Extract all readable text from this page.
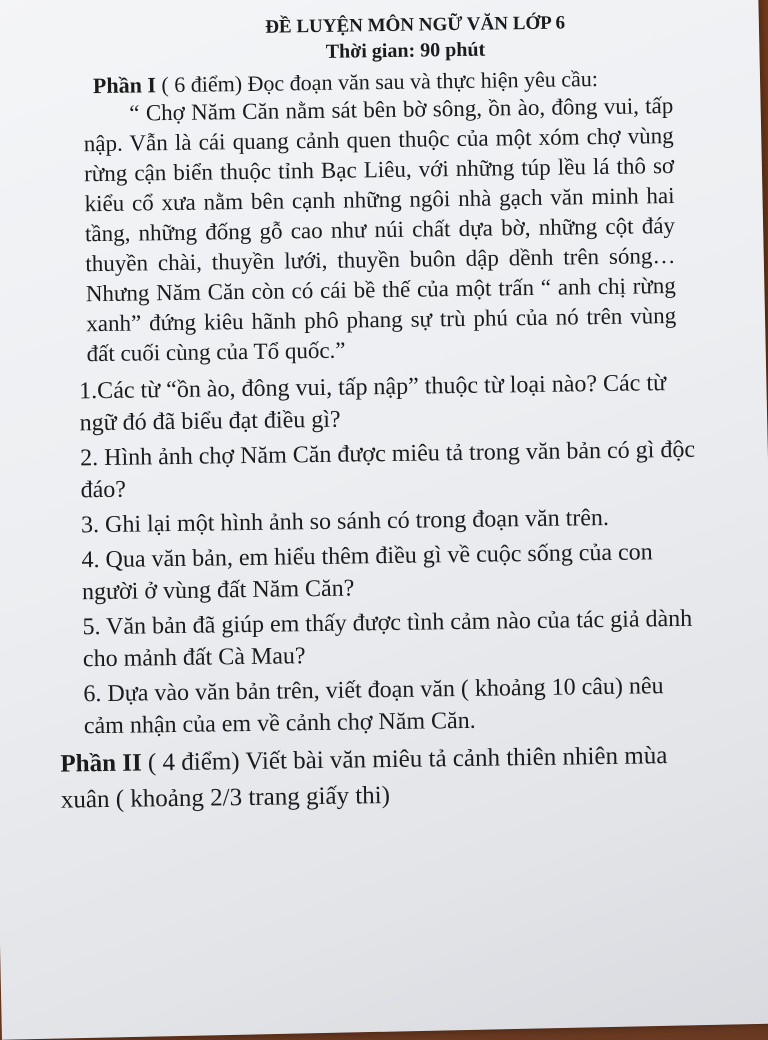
ĐỀ LUYỆN MÔN NGỮ VĂN LỚP 6
Thời gian: 90 phút

Phần I ( 6 điểm) Đọc đoạn văn sau và thực hiện yêu cầu:

“ Chợ Năm Căn nằm sát bên bờ sông, ồn ào, đông vui, tấp nập. Vẫn là cái quang cảnh quen thuộc của một xóm chợ vùng rừng cận biển thuộc tỉnh Bạc Liêu, với những túp lều lá thô sơ kiểu cổ xưa nằm bên cạnh những ngôi nhà gạch văn minh hai tầng, những đống gỗ cao như núi chất dựa bờ, những cột đáy thuyền chài, thuyền lưới, thuyền buôn dập dềnh trên sóng…Nhưng Năm Căn còn có cái bề thế của một trấn “ anh chị rừng xanh” đứng kiêu hãnh phô phang sự trù phú của nó trên vùng đất cuối cùng của Tổ quốc.”

1.Các từ “ồn ào, đông vui, tấp nập” thuộc từ loại nào? Các từ ngữ đó đã biểu đạt điều gì?

2. Hình ảnh chợ Năm Căn được miêu tả trong văn bản có gì độc đáo?

3. Ghi lại một hình ảnh so sánh có trong đoạn văn trên.

4. Qua văn bản, em hiểu thêm điều gì về cuộc sống của con người ở vùng đất Năm Căn?

5. Văn bản đã giúp em thấy được tình cảm nào của tác giả dành cho mảnh đất Cà Mau?

6. Dựa vào văn bản trên, viết đoạn văn ( khoảng 10 câu) nêu cảm nhận của em về cảnh chợ Năm Căn.

Phần II ( 4 điểm) Viết bài văn miêu tả cảnh thiên nhiên mùa xuân ( khoảng 2/3 trang giấy thi)
